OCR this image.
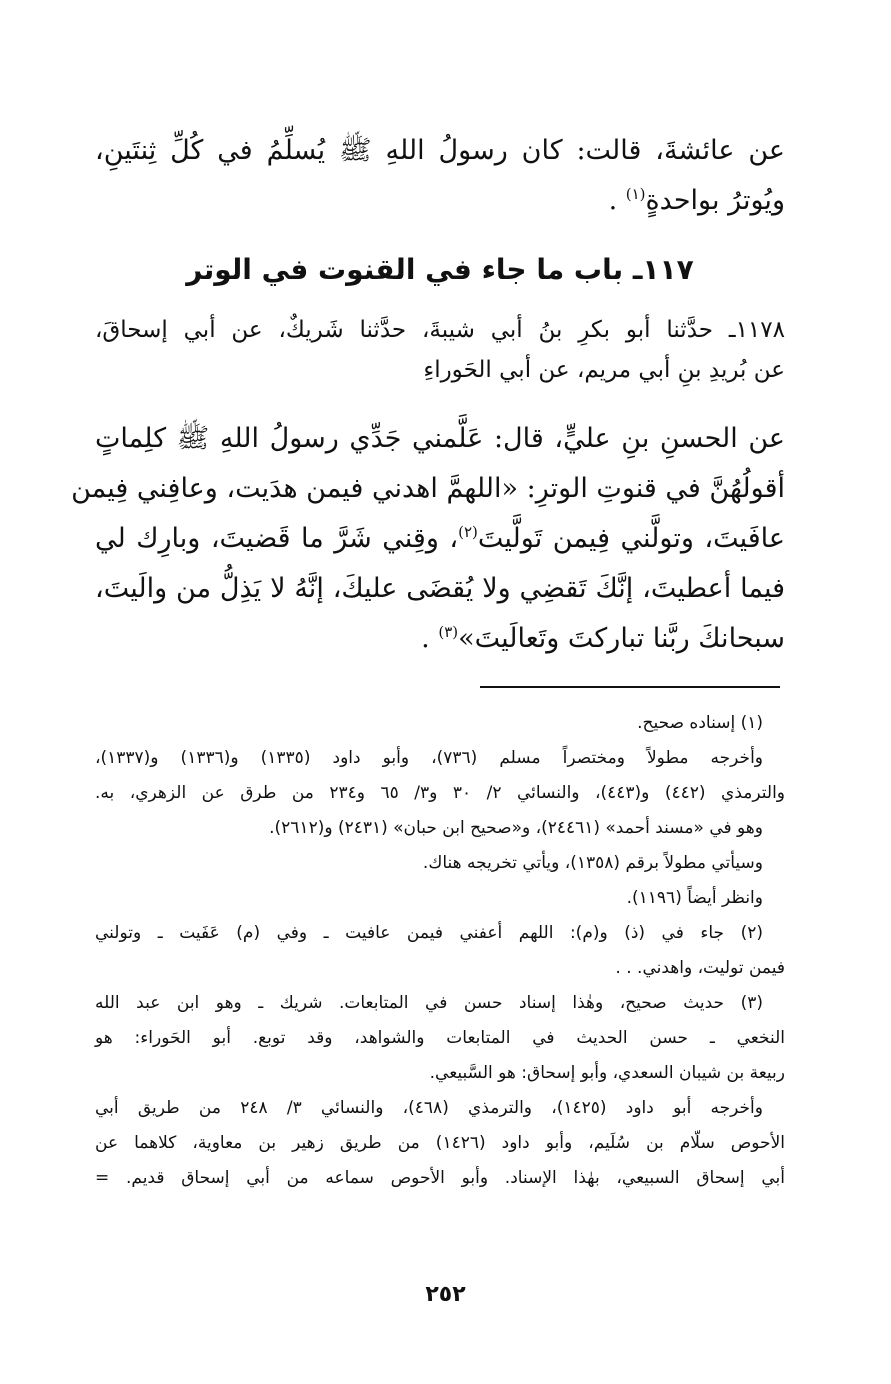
عن عائشةَ، قالت: كان رسولُ اللهِ ﷺ يُسلِّمُ في كُلِّ ثِنتَينِ،
ويُوترُ بواحدةٍ$^{(١)}$ .
١١٧ـ باب ما جاء في القنوت في الوتر
١١٧٨ـ حدَّثنا أبو بكرِ بنُ أبي شيبةَ، حدَّثنا شَريكٌ، عن أبي إسحاقَ،
عن بُريدِ بنِ أبي مريم، عن أبي الحَوراءِ
عن الحسنِ بنِ عليٍّ، قال: عَلَّمني جَدِّي رسولُ اللهِ ﷺ كلِماتٍ
أقولُهُنَّ في قنوتِ الوترِ: «اللهمَّ اهدني فيمن هدَيت، وعافِني فِيمن
عافَيتَ، وتولَّني فِيمن تَولَّيتَ$^{(٢)}$، وقِني شَرَّ ما قَضيتَ، وبارِك لي
فيما أعطيتَ، إنَّكَ تَقضِي ولا يُقضَى عليكَ، إنَّهُ لا يَذِلُّ من والَيتَ،
سبحانكَ ربَّنا تباركتَ وتَعالَيتَ»$^{(٣)}$ .
(١) إسناده صحيح.
وأخرجه مطولاً ومختصراً مسلم (٧٣٦)، وأبو داود (١٣٣٥) و(١٣٣٦) و(١٣٣٧)،
والترمذي (٤٤٢) و(٤٤٣)، والنسائي ٢/ ٣٠ و٣/ ٦٥ و٢٣٤ من طرق عن الزهري، به.
وهو في «مسند أحمد» (٢٤٤٦١)، و«صحيح ابن حبان» (٢٤٣١) و(٢٦١٢).
وسيأتي مطولاً برقم (١٣٥٨)، ويأتي تخريجه هناك.
وانظر أيضاً (١١٩٦).
(٢) جاء في (ذ) و(م): اللهم أعفني فيمن عافيت ـ وفي (م) عَفَيت ـ وتولني
فيمن توليت، واهدني. . .
(٣) حديث صحيح، وهٰذا إسناد حسن في المتابعات. شريك ـ وهو ابن عبد الله
النخعي ـ حسن الحديث في المتابعات والشواهد، وقد توبع. أبو الحَوراء: هو
ربيعة بن شيبان السعدي، وأبو إسحاق: هو السَّبيعي.
وأخرجه أبو داود (١٤٢٥)، والترمذي (٤٦٨)، والنسائي ٣/ ٢٤٨ من طريق أبي
الأحوص سلّام بن سُلَيم، وأبو داود (١٤٢٦) من طريق زهير بن معاوية، كلاهما عن
أبي إسحاق السبيعي، بهٰذا الإسناد. وأبو الأحوص سماعه من أبي إسحاق قديم. =
٢٥٢
